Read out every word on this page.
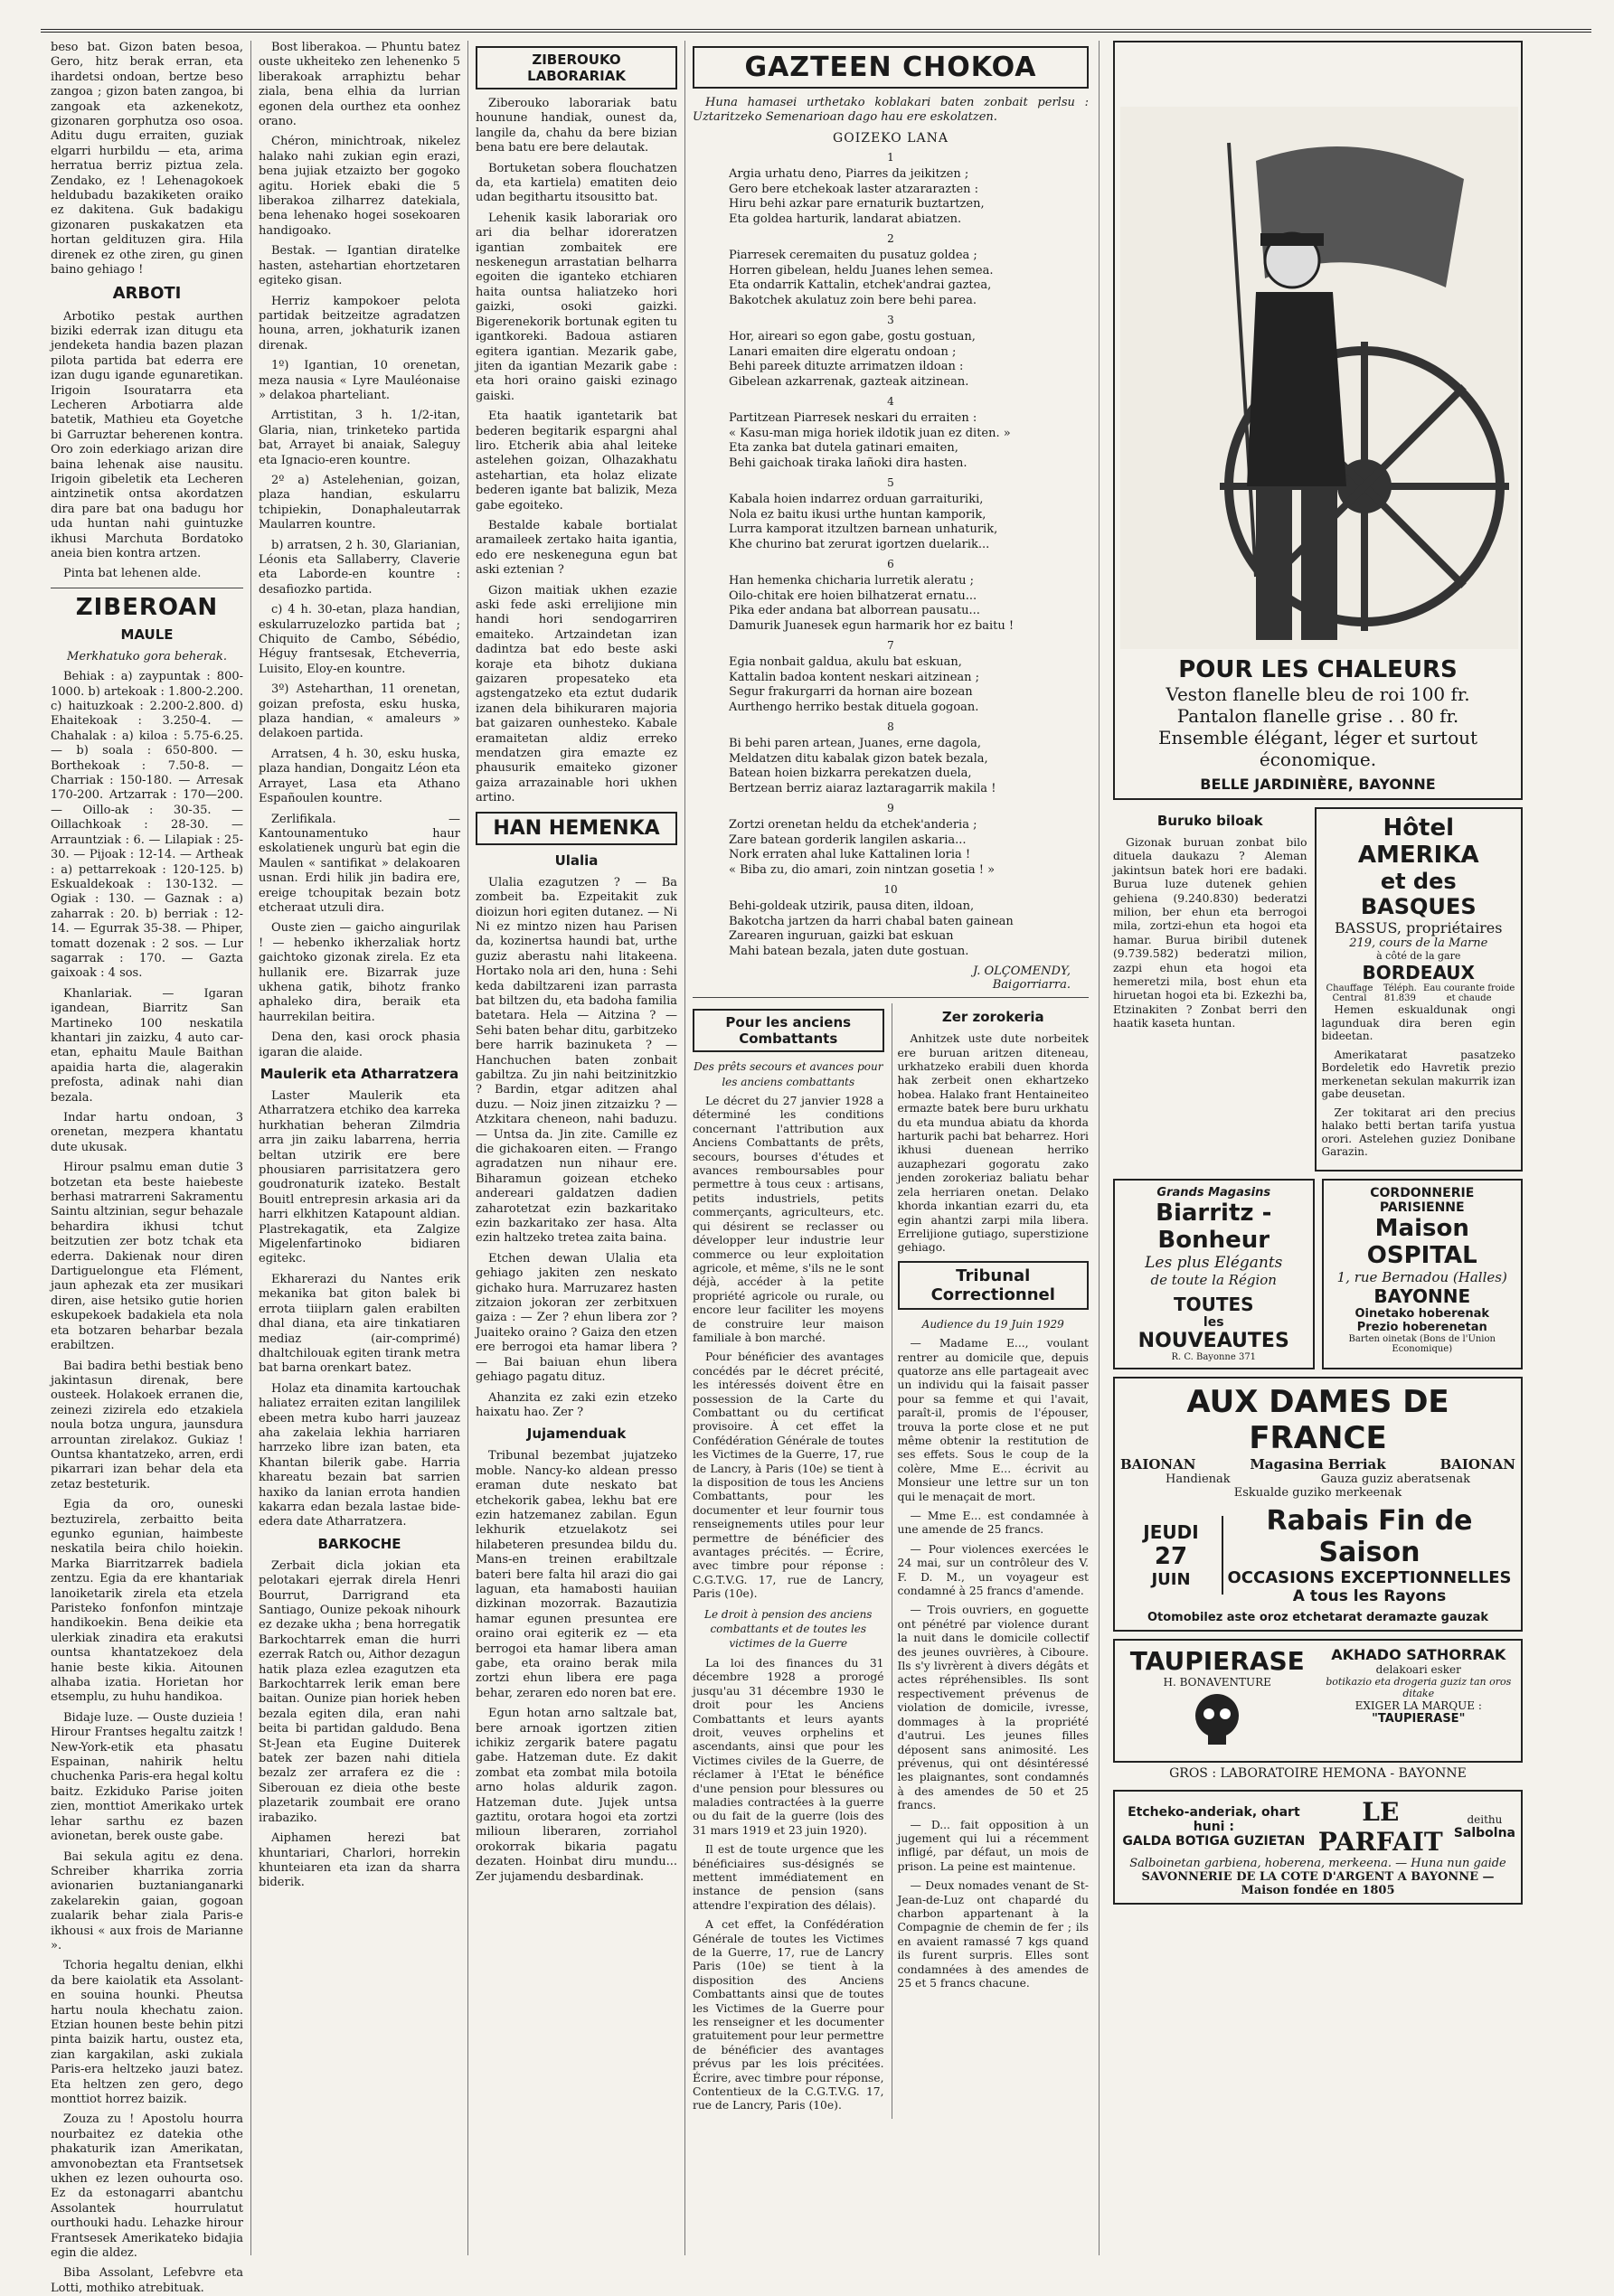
beso bat. Gizon baten besoa, Gero, hitz berak erran, eta ihardetsi ondoan, bertze beso zangoa ; gizon baten zangoa, bi zangoak eta azkenekotz, gizonaren gorphutza oso osoa. Aditu dugu erraiten, guziak elgarri hurbildu — eta, arima herratua berriz piztua zela. Zendako, ez ! Lehenagokoek heldubadu bazakiketen oraiko ez dakitena. Guk badakigu gizonaren puskakatzen eta hortan geldituzen gira. Hila direnek ez othe ziren, gu ginen baino gehiago !

ARBOTI

Arbotiko pestak aurthen biziki ederrak izan ditugu eta jendeketa handia bazen plazan pilota partida bat ederra ere izan dugu igande egunaretikan. Irigoin Isouratarra eta Lecheren Arbotiarra alde batetik, Mathieu eta Goyetche bi Garruztar beherenen kontra. Oro zoin ederkiago arizan dire baina lehenak aise nausitu. Irigoin gibeletik eta Lecheren aintzinetik ontsa akordatzen dira pare bat ona badugu hor uda huntan nahi guintuzke ikhusi Marchuta Bordatoko aneia bien kontra artzen.

Pinta bat lehenen alde.

ZIBEROAN
MAULE

Merkhatuko gora beherak.

Behiak : a) zaypuntak : 800-1000. b) artekoak : 1.800-2.200. c) haituzkoak : 2.200-2.800. d) Ehaitekoak : 3.250-4. — Chahalak : a) kiloa : 5.75-6.25. — b) soala : 650-800. — Borthekoak : 7.50-8. — Charriak : 150-180. — Arresak 170-200. Artzarrak : 170—200. — Oillo-ak : 30-35. — Oillachkoak : 28-30. — Arrauntziak : 6. — Lilapiak : 25-30. — Pijoak : 12-14. — Artheak : a) pettarrekoak : 120-125. b) Eskualdekoak : 130-132. — Ogiak : 130. — Gaznak : a) zaharrak : 20. b) berriak : 12-14. — Egurrak 35-38. — Phiper, tomatt dozenak : 2 sos. — Lur sagarrak : 170. — Gazta gaixoak : 4 sos.

Khanlariak. — Igaran igandean, Biarritz San Martineko 100 neskatila khantari jin zaizku, 4 auto car-etan, ephaitu Maule Baithan apaidia harta die, alagerakin prefosta, adinak nahi dian bezala.

Indar hartu ondoan, 3 orenetan, mezpera khantatu dute ukusak.

Hirour psalmu eman dutie 3 botzetan eta beste haiebeste berhasi matrarreni Sakramentu Saintu altzinian, segur behazale behardira ikhusi tchut beitzutien zer botz tchak eta ederra. Dakienak nour diren Dartiguelongue eta Flément, jaun aphezak eta zer musikari diren, aise hetsiko gutie horien eskupekoek badakiela eta nola eta botzaren beharbar bezala erabiltzen.

Bai badira bethi bestiak beno jakintasun direnak, bere ousteek. Holakoek erranen die, zeinezi zizirela edo etzakiela noula botza ungura, jaunsdura arrountan zirelakoz. Gukiaz ! Ountsa khantatzeko, arren, erdi pikarrari izan behar dela eta zetaz besteturik.

Egia da oro, ouneski beztuzirela, zerbaitto beita egunko egunian, haimbeste neskatila beira chilo hoiekin. Marka Biarritzarrek badiela zentzu. Egia da ere khantariak lanoiketarik zirela eta etzela Paristeko fonfonfon mintzaje handikoekin. Bena deikie eta ulerkiak zinadira eta erakutsi ountsa khantatzekoez dela hanie beste kikia. Aitounen alhaba izatia. Horietan hor etsemplu, zu huhu handikoa.

Bidaje luze. — Ouste duzieia ! Hirour Frantses hegaltu zaitzk ! New-York-etik eta phasatu Espainan, nahirik heltu chuchenka Paris-era hegal koltu baitz. Ezkiduko Parise joiten zien, monttiot Amerikako urtek lehar sarthu ez bazen avionetan, berek ouste gabe.

Bai sekula agitu ez dena. Schreiber kharrika zorria avionarien buztanianganarki zakelarekin gaian, gogoan zualarik behar ziala Paris-e ikhousi « aux frois de Marianne ».

Tchoria hegaltu denian, elkhi da bere kaiolatik eta Assolant-en souina hounki. Pheutsa hartu noula khechatu zaion. Etzian hounen beste behin pitzi pinta baizik hartu, oustez eta, zian kargakilan, aski zukiala Paris-era heltzeko jauzi batez. Eta heltzen zen gero, dego monttiot horrez baizik.

Zouza zu ! Apostolu hourra nourbaitez ez datekia othe phakaturik izan Amerikatan, amvonobeztan eta Frantsetsek ukhen ez lezen ouhourta oso. Ez da estonagarri abantchu Assolantek hourrulatut ourthouki hadu. Lehazke hirour Frantsesek Amerikateko bidajia egin die aldez.

Biba Assolant, Lefebvre eta Lotti, mothiko atrebituak.

Bost liberakoa. — Phuntu batez ouste ukheiteko zen lehenenko 5 liberakoak arraphiztu behar ziala, bena elhia da lurrian egonen dela ourthez eta oonhez orano.

Chéron, minichtroak, nikelez halako nahi zukian egin erazi, bena jujiak etzaizto ber gogoko agitu. Horiek ebaki die 5 liberakoa zilharrez datekiala, bena lehenako hogei sosekoaren handigoako.

Bestak. — Igantian diratelke hasten, astehartian ehortzetaren egiteko gisan.

Herriz kampokoer pelota partidak beitzeitze agradatzen houna, arren, jokhaturik izanen direnak.

1º) Igantian, 10 orenetan, meza nausia « Lyre Mauléonaise » delakoa pharteliant.

Arrtistitan, 3 h. 1/2-itan, Glaria, nian, trinketeko partida bat, Arrayet bi anaiak, Saleguy eta Ignacio-eren kountre.

2º a) Astelehenian, goizan, plaza handian, eskularru tchipiekin, Donaphaleutarrak Maularren kountre.

b) arratsen, 2 h. 30, Glarianian, Léonis eta Sallaberry, Claverie eta Laborde-en kountre : desafiozko partida.

c) 4 h. 30-etan, plaza handian, eskularruzelozko partida bat ; Chiquito de Cambo, Sébédio, Héguy frantsesak, Etcheverria, Luisito, Eloy-en kountre.

3º) Asteharthan, 11 orenetan, goizan prefosta, esku huska, plaza handian, « amaleurs » delakoen partida.

Arratsen, 4 h. 30, esku huska, plaza handian, Dongaitz Léon eta Arrayet, Lasa eta Athano Españoulen kountre.

Zerlifikala. — Kantounamentuko haur eskolatienek ungurù bat egin die Maulen « santifikat » delakoaren usnan. Erdi hilik jin badira ere, ereige tchoupitak bezain botz etcheraat utzuli dira.

Ouste zien — gaicho aingurilak ! — hebenko ikherzaliak hortz gaichtoko gizonak zirela. Ez eta hullanik ere. Bizarrak juze ukhena gatik, bihotz franko aphaleko dira, beraik eta haurrekilan beitira.

Dena den, kasi orock phasia igaran die alaide.

Maulerik eta Atharratzera

Laster Maulerik eta Atharratzera etchiko dea karreka hurkhatian beheran Zilmdria arra jin zaiku labarrena, herria beltan utzirik ere bere phousiaren parrisitatzera gero goudronaturik izateko. Bestalt Bouitl entrepresin arkasia ari da harri elkhitzen Katapount aldian. Plastrekagatik, eta Zalgize Migelenfartinoko bidiaren egitekc.

Ekharerazi du Nantes erik mekanika bat giton balek bi errota tiiiplarn galen erabilten dhal diana, eta aire tinkatiaren mediaz (air-comprimé) dhaltchilouak egiten tirank metra bat barna orenkart batez.

Holaz eta dinamita kartouchak haliatez erraiten ezitan langililek ebeen metra kubo harri jauzeaz aha zakelaia lekhia harriaren harrzeko libre izan baten, eta Khantan bilerik gabe. Harria khareatu bezain bat sarrien haxiko da lanian errota handien kakarra edan bezala lastae bide-edera date Atharratzera.

BARKOCHE

Zerbait dicla jokian eta pelotakari ejerrak direla Henri Bourrut, Darrigrand eta Santiago, Ounize pekoak nihourk ez dezake ukha ; bena horregatik Barkochtarrek eman die hurri ezerrak Ratch ou, Aithor dezagun hatik plaza ezlea ezagutzen eta Barkochtarrek lerik eman bere baitan. Ounize pian horiek heben bezala egiten dila, eran nahi beita bi partidan galdudo. Bena St-Jean eta Eugine Duiterek batek zer bazen nahi ditiela bezalz zer arrafera ez die : Siberouan ez dieia othe beste plazetarik zoumbait ere orano irabaziko.

Aiphamen herezi bat khuntariari, Charlori, horrekin khunteiaren eta izan da sharra biderik.

ZIBEROUKO LABORARIAK

Ziberouko laborariak batu hounune handiak, ounest da, langile da, chahu da bere bizian bena batu ere bere delautak.

Bortuketan sobera flouchatzen da, eta kartiela) ematiten deio udan begithartu itsousitto bat.

Lehenik kasik laborariak oro ari dia belhar idoreratzen igantian zombaitek ere neskenegun arrastatian belharra egoiten die iganteko etchiaren haita ountsa haliatzeko hori gaizki, osoki gaizki. Bigerenekorik bortunak egiten tu igantkoreki. Badoua astiaren egitera igantian. Mezarik gabe, jiten da igantian Mezarik gabe : eta hori oraino gaiski ezinago gaiski.

Eta haatik igantetarik bat bederen begitarik espargni ahal liro. Etcherik abia ahal leiteke astelehen goizan, Olhazakhatu astehartian, eta holaz elizate bederen igante bat balizik, Meza gabe egoiteko.

Bestalde kabale bortialat aramaileek zertako haita igantia, edo ere neskeneguna egun bat aski eztenian ?

Gizon maitiak ukhen ezazie aski fede aski errelijione min handi hori sendogarriren emaiteko. Artzaindetan izan dadintza bat edo beste aski koraje eta bihotz dukiana gaizaren propesateko eta agstengatzeko eta eztut dudarik izanen dela bihikuraren majoria bat gaizaren ounhesteko. Kabale eramaitetan aldiz erreko mendatzen gira emazte ez phausurik emaiteko gizoner gaiza arrazainable hori ukhen artino.

HAN HEMENKA
Ulalia

Ulalia ezagutzen ? — Ba zombeit ba. Ezpeitakit zuk dioizun hori egiten dutanez. — Ni Ni ez mintzo nizen hau Parisen da, kozinertsa haundi bat, urthe guziz aberastu nahi litakeena. Hortako nola ari den, huna : Sehi keda dabiltzareni izan parrasta bat biltzen du, eta badoha familia batetara. Hela — Aitzina ? — Sehi baten behar ditu, garbitzeko bere harrik bazinuketa ? — Hanchuchen baten zonbait gabiltza. Zu jin nahi beitzinitzkio ? Bardin, etgar aditzen ahal duzu. — Noiz jinen zitzaizku ? — Atzkitara cheneon, nahi baduzu. — Untsa da. Jin zite. Camille ez die gichakoaren eiten. — Frango agradatzen nun nihaur ere. Biharamun goizean etcheko andereari galdatzen dadien zaharotetzat ezin bazkaritako ezin bazkaritako zer hasa. Alta ezin haltzeko tretea zaita baina.

Etchen dewan Ulalia eta gehiago jakiten zen neskato gichako hura. Marruzarez hasten zitzaion jokoran zer zerbitxuen gaiza : — Zer ? ehun libera zor ? Juaiteko oraino ? Gaiza den etzen ere berrogoi eta hamar libera ? — Bai baiuan ehun libera gehiago pagatu dituz.

Ahanzita ez zaki ezin etzeko haixatu hao. Zer ?

Jujamenduak

Tribunal bezembat jujatzeko moble. Nancy-ko aldean presso eraman dute neskato bat etchekorik gabea, lekhu bat ere ezin hatzemanez zabilan. Egun lekhurik etzuelakotz sei hilabeteren presundea bildu du. Mans-en treinen erabiltzale bateri bere falta hil arazi dio gai laguan, eta hamabosti hauiian dizkinan mozorrak. Bazautizia hamar egunen presuntea ere oraino orai egiterik ez — eta berrogoi eta hamar libera aman gabe, eta oraino berak mila zortzi ehun libera ere paga behar, zeraren edo noren bat ere.

Egun hotan arno saltzale bat, bere arnoak igortzen zitien ichikiz zergarik batere pagatu gabe. Hatzeman dute. Ez dakit zombat eta zombat mila botoila arno holas aldurik zagon. Hatzeman dute. Jujek untsa gaztitu, orotara hogoi eta zortzi milioun liberaren, zorriahol orokorrak bikaria pagatu dezaten. Hoinbat diru mundu... Zer jujamendu desbardinak.

GAZTEEN CHOKOA

Huna hamasei urthetako koblakari baten zonbait perlsu : Uztaritzeko Semenarioan dago hau ere eskolatzen.

GOIZEKO LANA

1
Argia urhatu deno, Piarres da jeikitzen ;
Gero bere etchekoak laster atzararazten :
Hiru behi azkar pare ernaturik buztartzen,
Eta goldea harturik, landarat abiatzen.
2
Piarresek ceremaiten du pusatuz goldea ;
Horren gibelean, heldu Juanes lehen semea.
Eta ondarrik Kattalin, etchek'andrai gaztea,
Bakotchek akulatuz zoin bere behi parea.
3
Hor, aireari so egon gabe, gostu gostuan,
Lanari emaiten dire elgeratu ondoan ;
Behi pareek dituzte arrimatzen ildoan :
Gibelean azkarrenak, gazteak aitzinean.
4
Partitzean Piarresek neskari du erraiten :
« Kasu-man miga horiek ildotik juan ez diten. »
Eta zanka bat dutela gatinari emaiten,
Behi gaichoak tiraka lañoki dira hasten.
5
Kabala hoien indarrez orduan garraituriki,
Nola ez baitu ikusi urthe huntan kamporik,
Lurra kamporat itzultzen barnean unhaturik,
Khe churino bat zerurat igortzen duelarik...
6
Han hemenka chicharia lurretik aleratu ;
Oilo-chitak ere hoien bilhatzerat ernatu...
Pika eder andana bat alborrean pausatu...
Damurik Juanesek egun harmarik hor ez baitu !
7
Egia nonbait galdua, akulu bat eskuan,
Kattalin badoa kontent neskari aitzinean ;
Segur frakurgarri da hornan aire bozean
Aurthengo herriko bestak dituela gogoan.
8
Bi behi paren artean, Juanes, erne dagola,
Meldatzen ditu kabalak gizon batek bezala,
Batean hoien bizkarra perekatzen duela,
Bertzean berriz aiaraz laztaragarrik makila !
9
Zortzi orenetan heldu da etchek'anderia ;
Zare batean gorderik langilen askaria...
Nork erraten ahal luke Kattalinen loria !
« Biba zu, dio amari, zoin nintzan gosetia ! »
10
Behi-goldeak utzirik, pausa diten, ildoan,
Bakotcha jartzen da harri chabal baten gainean
Zarearen inguruan, gaizki bat eskuan
Mahi batean bezala, jaten dute gostuan.
J. OLÇOMENDY,
Baigorriarra.
Pour les anciens Combattants

Des prêts secours et avances pour les anciens combattants

Le décret du 27 janvier 1928 a déterminé les conditions concernant l'attribution aux Anciens Combattants de prêts, secours, bourses d'études et avances remboursables pour permettre à tous ceux : artisans, petits industriels, petits commerçants, agriculteurs, etc. qui désirent se reclasser ou développer leur industrie leur commerce ou leur exploitation agricole, et même, s'ils ne le sont déjà, accéder à la petite propriété agricole ou rurale, ou encore leur faciliter les moyens de construire leur maison familiale à bon marché.

Pour bénéficier des avantages concédés par le décret précité, les intéressés doivent être en possession de la Carte du Combattant ou du certificat provisoire. À cet effet la Confédération Générale de toutes les Victimes de la Guerre, 17, rue de Lancry, à Paris (10e) se tient à la disposition de tous les Anciens Combattants, pour les documenter et leur fournir tous renseignements utiles pour leur permettre de bénéficier des avantages précités. — Écrire, avec timbre pour réponse : C.G.T.V.G. 17, rue de Lancry, Paris (10e).

Le droit à pension des anciens combattants et de toutes les victimes de la Guerre

La loi des finances du 31 décembre 1928 a prorogé jusqu'au 31 décembre 1930 le droit pour les Anciens Combattants et leurs ayants droit, veuves orphelins et ascendants, ainsi que pour les Victimes civiles de la Guerre, de réclamer à l'Etat le bénéfice d'une pension pour blessures ou maladies contractées à la guerre ou du fait de la guerre (lois des 31 mars 1919 et 23 juin 1920).

Il est de toute urgence que les bénéficiaires sus-désignés se mettent immédiatement en instance de pension (sans attendre l'expiration des délais).

A cet effet, la Confédération Générale de toutes les Victimes de la Guerre, 17, rue de Lancry Paris (10e) se tient à la disposition des Anciens Combattants ainsi que de toutes les Victimes de la Guerre pour les renseigner et les documenter gratuitement pour leur permettre de bénéficier des avantages prévus par les lois précitées. Écrire, avec timbre pour réponse, Contentieux de la C.G.T.V.G. 17, rue de Lancry, Paris (10e).

Zer zorokeria

Anhitzek uste dute norbeitek ere buruan aritzen diteneau, urkhatzeko erabili duen khorda hak zerbeit onen ekhartzeko hobea. Halako frant Hentaineiteo ermazte batek bere buru urkhatu du eta mundua abiatu da khorda harturik pachi bat beharrez. Hori ikhusi duenean herriko auzaphezari gogoratu zako jenden zorokeriaz baliatu behar zela herriaren onetan. Delako khorda inkantian ezarri du, eta egin ahantzi zarpi mila libera. Errelijione gutiago, superstizione gehiago.

Tribunal Correctionnel

Audience du 19 Juin 1929

— Madame E..., voulant rentrer au domicile que, depuis quatorze ans elle partageait avec un individu qui la faisait passer pour sa femme et qui l'avait, paraît-il, promis de l'épouser, trouva la porte close et ne put même obtenir la restitution de ses effets. Sous le coup de la colère, Mme E... écrivit au Monsieur une lettre sur un ton qui le menaçait de mort.

— Mme E... est condamnée à une amende de 25 francs.

— Pour violences exercées le 24 mai, sur un contrôleur des V. F. D. M., un voyageur est condamné à 25 francs d'amende.

— Trois ouvriers, en goguette ont pénétré par violence durant la nuit dans le domicile collectif des jeunes ouvrières, à Ciboure. Ils s'y livrèrent à divers dégâts et actes répréhensibles. Ils sont respectivement prévenus de violation de domicile, ivresse, dommages à la propriété d'autrui. Les jeunes filles déposent sans animosité. Les prévenus, qui ont désintéressé les plaignantes, sont condamnés à des amendes de 50 et 25 francs.

— D... fait opposition à un jugement qui lui a récemment infligé, par défaut, un mois de prison. La peine est maintenue.

— Deux nomades venant de St-Jean-de-Luz ont chapardé du charbon appartenant à la Compagnie de chemin de fer ; ils en avaient ramassé 7 kgs quand ils furent surpris. Elles sont condamnées à des amendes de 25 et 5 francs chacune.

POUR LES CHALEURS
Veston flanelle bleu de roi 100 fr.
Pantalon flanelle grise . . 80 fr.
Ensemble élégant, léger et surtout économique.
BELLE JARDINIÈRE, BAYONNE
Buruko biloak

Gizonak buruan zonbat bilo dituela daukazu ? Aleman jakintsun batek hori ere badaki. Burua luze dutenek gehien gehiena (9.240.830) bederatzi milion, ber ehun eta berrogoi mila, zortzi-ehun eta hogoi eta hamar. Burua biribil dutenek (9.739.582) bederatzi milion, zazpi ehun eta hogoi eta hemeretzi mila, bost ehun eta hiruetan hogoi eta bi. Ezkezhi ba, Etzinakiten ? Zonbat berri den haatik kaseta huntan.

Hôtel AMERIKA
et des BASQUES
BASSUS, propriétaires
219, cours de la Marne
à côté de la gare
BORDEAUX
Chauffage Central
Téléph. 81.839
Eau courante froide et chaude

Hemen eskualdunak ongi lagunduak dira beren egin bideetan.

Amerikatarat pasatzeko Bordeletik edo Havretik prezio merkenetan sekulan makurrik izan gabe deusetan.

Zer tokitarat ari den precius halako betti bertan tarifa yustua orori. Astelehen guziez Donibane Garazin.

Grands Magasins
Biarritz - Bonheur
Les plus Elégants
de toute la Région
TOUTES
les
NOUVEAUTES
R. C. Bayonne 371
CORDONNERIE PARISIENNE
Maison OSPITAL
1, rue Bernadou (Halles)
BAYONNE
Oinetako hoberenak
Prezio hoberenetan
Barten oinetak (Bons de l'Union Economique)
AUX DAMES DE FRANCE
BAIONAN	Magasina Berriak	BAIONAN
Handienak	Gauza guziz aberatsenak
Eskualde guziko merkeenak
JEUDI
27
JUIN
Rabais Fin de Saison
OCCASIONS EXCEPTIONNELLES
A tous les Rayons
Otomobilez aste oroz etchetarat deramazte gauzak
TAUPIERASE
H. BONAVENTURE
AKHADO SATHORRAK
delakoari esker
botikazio eta drogeria guziz tan oros ditake
EXIGER LA MARQUE :
"TAUPIERASE"
GROS : LABORATOIRE HEMONA - BAYONNE
Etcheko-anderiak, ohart huni :
GALDA BOTIGA GUZIETAN
LE PARFAIT
deithu
Salbolna
Salboinetan garbiena, hoberena, merkeena. — Huna nun gaide
SAVONNERIE DE LA COTE D'ARGENT A BAYONNE — Maison fondée en 1805
